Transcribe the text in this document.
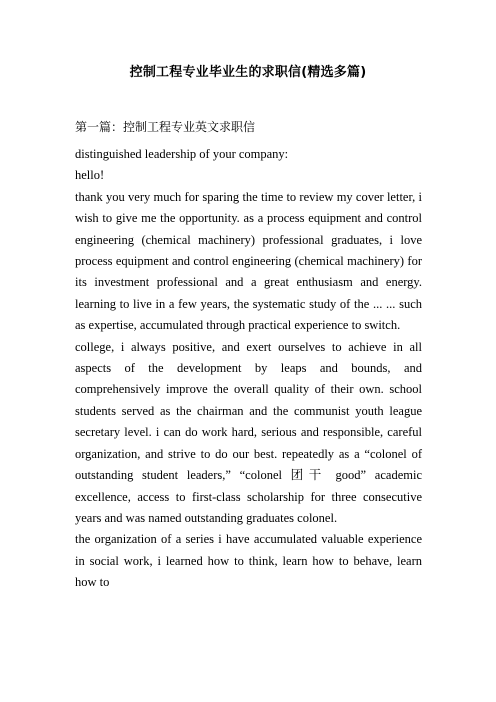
控制工程专业毕业生的求职信(精选多篇)
第一篇：控制工程专业英文求职信

distinguished leadership of your company:

hello!

thank you very much for sparing the time to review my cover letter, i wish to give me the opportunity. as a process equipment and control engineering (chemical machinery) professional graduates, i love process equipment and control engineering (chemical machinery) for its investment professional and a great enthusiasm and energy. learning to live in a few years, the systematic study of the ... ... such as expertise, accumulated through practical experience to switch.

college, i always positive, and exert ourselves to achieve in all aspects of the development by leaps and bounds, and comprehensively improve the overall quality of their own. school students served as the chairman and the communist youth league secretary level. i can do work hard, serious and responsible, careful organization, and strive to do our best. repeatedly as a “colonel of outstanding student leaders,” “colonel 团干 good” academic excellence, access to first-class scholarship for three consecutive years and was named outstanding graduates colonel.

the organization of a series i have accumulated valuable experience in social work, i learned how to think, learn how to behave, learn how to
